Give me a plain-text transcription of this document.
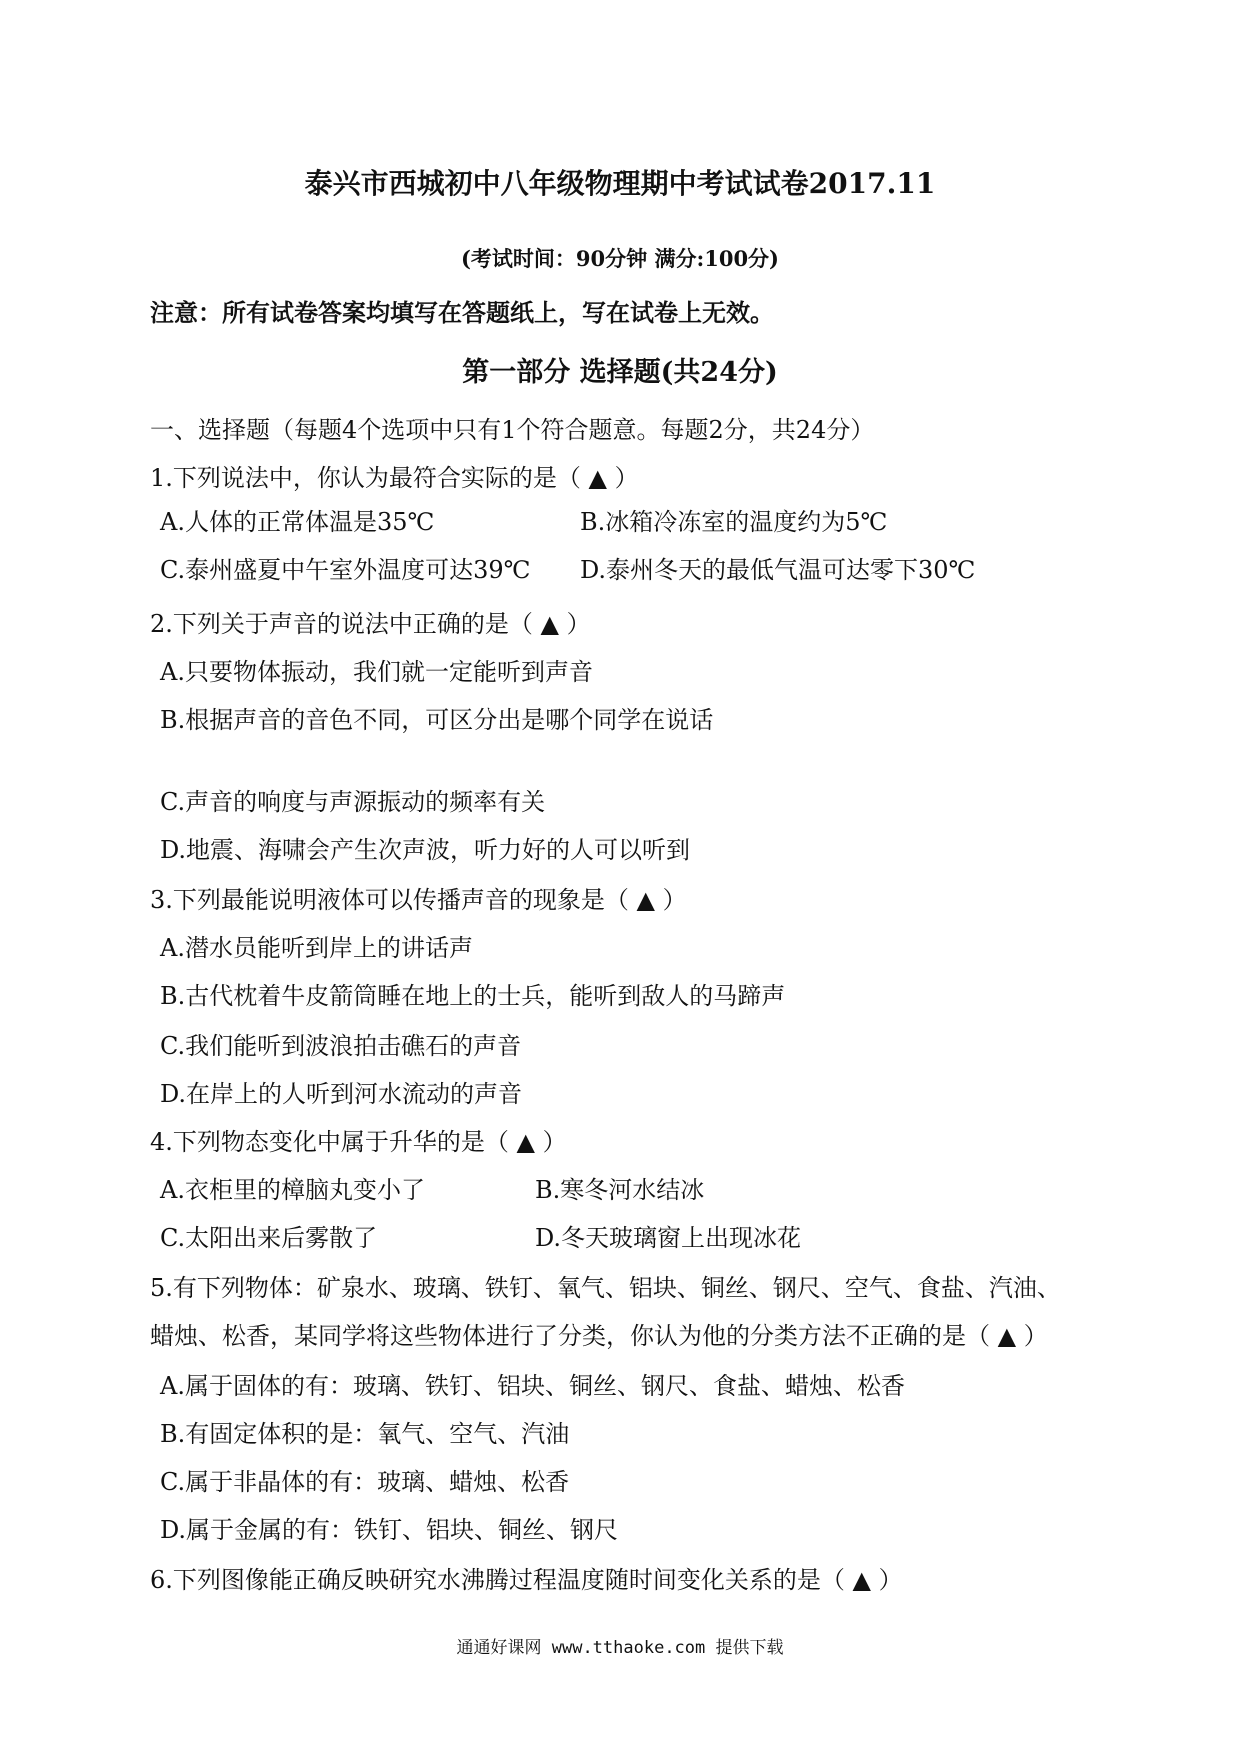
泰兴市西城初中八年级物理期中考试试卷2017.11
(考试时间：90分钟 满分:100分)
注意：所有试卷答案均填写在答题纸上，写在试卷上无效。
第一部分 选择题(共24分)
一、选择题（每题4个选项中只有1个符合题意。每题2分，共24分）
1.下列说法中，你认为最符合实际的是（ ▲ ）
A.人体的正常体温是35℃	B.冰箱冷冻室的温度约为5℃
C.泰州盛夏中午室外温度可达39℃ D.泰州冬天的最低气温可达零下30℃
2.下列关于声音的说法中正确的是（ ▲ ）
A.只要物体振动，我们就一定能听到声音
B.根据声音的音色不同，可区分出是哪个同学在说话
C.声音的响度与声源振动的频率有关
D.地震、海啸会产生次声波，听力好的人可以听到
3.下列最能说明液体可以传播声音的现象是（ ▲ ）
A.潜水员能听到岸上的讲话声
B.古代枕着牛皮箭筒睡在地上的士兵，能听到敌人的马蹄声
C.我们能听到波浪拍击礁石的声音
D.在岸上的人听到河水流动的声音
4.下列物态变化中属于升华的是（ ▲ ）
A.衣柜里的樟脑丸变小了	B.寒冬河水结冰
C.太阳出来后雾散了	D.冬天玻璃窗上出现冰花
5.有下列物体：矿泉水、玻璃、铁钉、氧气、铝块、铜丝、钢尺、空气、食盐、汽油、
蜡烛、松香，某同学将这些物体进行了分类，你认为他的分类方法不正确的是（ ▲ ）
A.属于固体的有：玻璃、铁钉、铝块、铜丝、钢尺、食盐、蜡烛、松香
B.有固定体积的是：氧气、空气、汽油
C.属于非晶体的有：玻璃、蜡烛、松香
D.属于金属的有：铁钉、铝块、铜丝、钢尺
6.下列图像能正确反映研究水沸腾过程温度随时间变化关系的是（ ▲ ）
通通好课网 www.tthaoke.com 提供下载
